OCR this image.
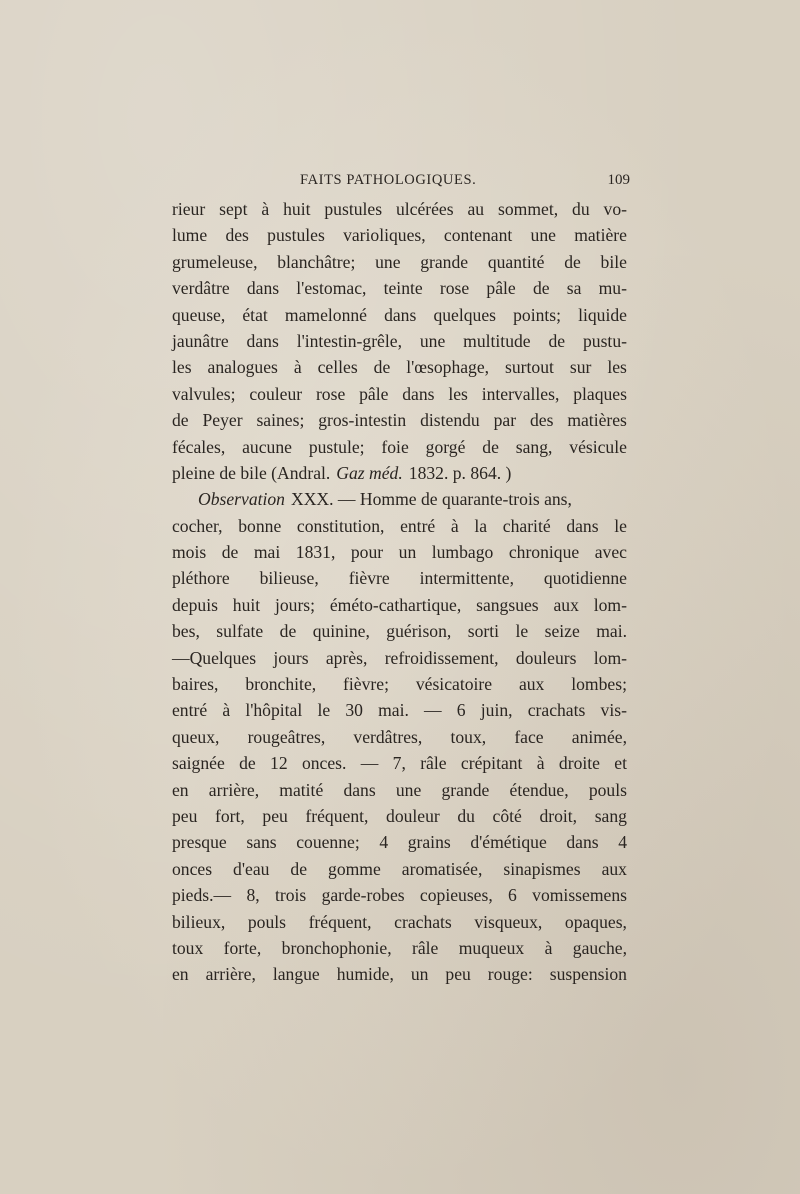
FAITS PATHOLOGIQUES.	109
rieur sept à huit pustules ulcérées au sommet, du vo-
lume des pustules varioliques, contenant une matière
grumeleuse, blanchâtre; une grande quantité de bile
verdâtre dans l'estomac, teinte rose pâle de sa mu-
queuse, état mamelonné dans quelques points; liquide
jaunâtre dans l'intestin-grêle, une multitude de pustu-
les analogues à celles de l'œsophage, surtout sur les
valvules; couleur rose pâle dans les intervalles, plaques
de Peyer saines; gros-intestin distendu par des matières
fécales, aucune pustule; foie gorgé de sang, vésicule
pleine de bile (Andral. Gaz méd. 1832. p. 864. )
Observation XXX. — Homme de quarante-trois ans,
cocher, bonne constitution, entré à la charité dans le
mois de mai 1831, pour un lumbago chronique avec
pléthore bilieuse, fièvre intermittente, quotidienne
depuis huit jours; éméto-cathartique, sangsues aux lom-
bes, sulfate de quinine, guérison, sorti le seize mai.
—Quelques jours après, refroidissement, douleurs lom-
baires, bronchite, fièvre; vésicatoire aux lombes;
entré à l'hôpital le 30 mai. — 6 juin, crachats vis-
queux, rougeâtres, verdâtres, toux, face animée,
saignée de 12 onces. — 7, râle crépitant à droite et
en arrière, matité dans une grande étendue, pouls
peu fort, peu fréquent, douleur du côté droit, sang
presque sans couenne; 4 grains d'émétique dans 4
onces d'eau de gomme aromatisée, sinapismes aux
pieds.— 8, trois garde-robes copieuses, 6 vomissemens
bilieux, pouls fréquent, crachats visqueux, opaques,
toux forte, bronchophonie, râle muqueux à gauche,
en arrière, langue humide, un peu rouge: suspension
